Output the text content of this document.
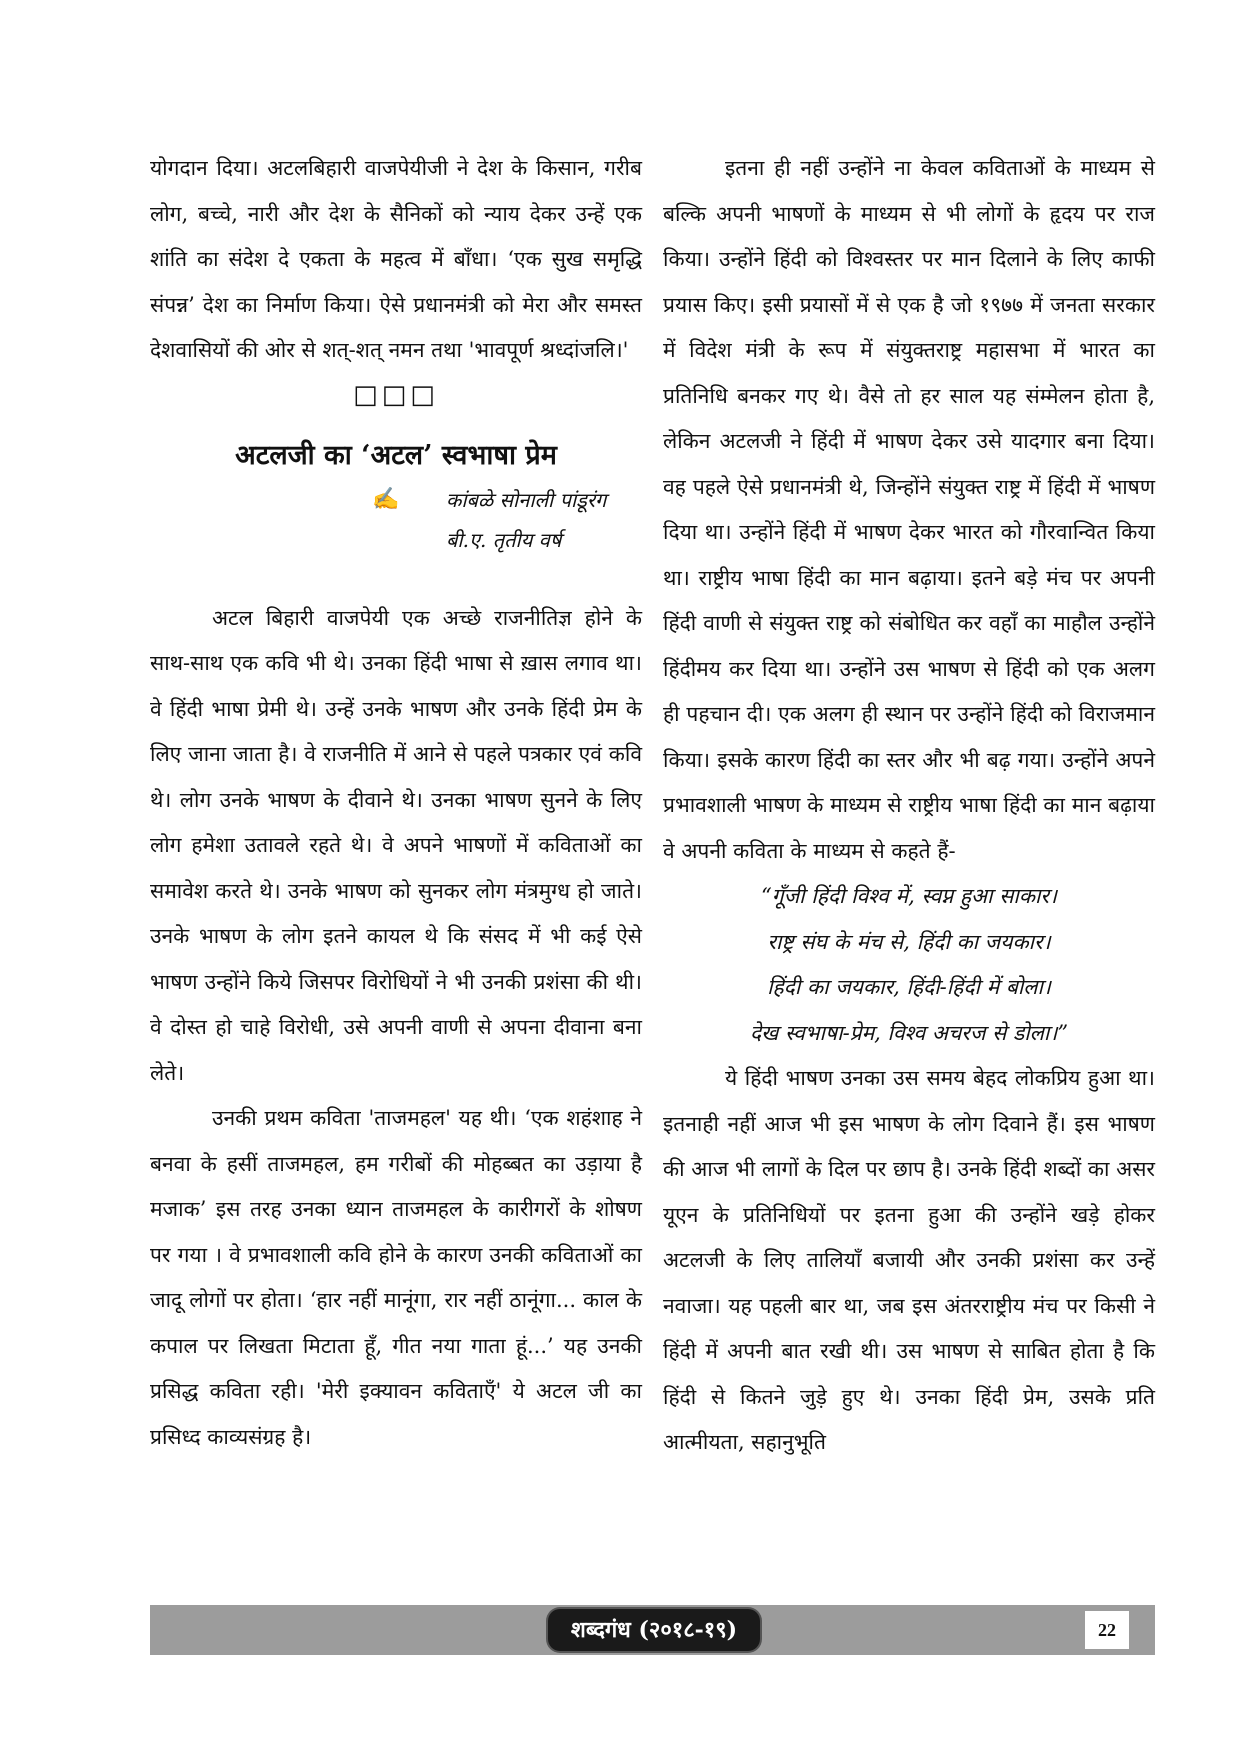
योगदान दिया। अटलबिहारी वाजपेयीजी ने देश के किसान, गरीब लोग, बच्चे, नारी और देश के सैनिकों को न्याय देकर उन्हें एक शांति का संदेश दे एकता के महत्व में बाँधा। ‘एक सुख समृद्धि संपन्न’ देश का निर्माण किया। ऐसे प्रधानमंत्री को मेरा और समस्त देशवासियों की ओर से शत्-शत् नमन तथा 'भावपूर्ण श्रध्दांजलि।'

□□□
अटलजी का ‘अटल’ स्वभाषा प्रेम
✍ कांबळे सोनाली पांडूरंग
बी.ए. तृतीय वर्ष

अटल बिहारी वाजपेयी एक अच्छे राजनीतिज्ञ होने के साथ-साथ एक कवि भी थे। उनका हिंदी भाषा से ख़ास लगाव था। वे हिंदी भाषा प्रेमी थे। उन्हें उनके भाषण और उनके हिंदी प्रेम के लिए जाना जाता है। वे राजनीति में आने से पहले पत्रकार एवं कवि थे। लोग उनके भाषण के दीवाने थे। उनका भाषण सुनने के लिए लोग हमेशा उतावले रहते थे। वे अपने भाषणों में कविताओं का समावेश करते थे। उनके भाषण को सुनकर लोग मंत्रमुग्ध हो जाते। उनके भाषण के लोग इतने कायल थे कि संसद में भी कई ऐसे भाषण उन्होंने किये जिसपर विरोधियों ने भी उनकी प्रशंसा की थी। वे दोस्त हो चाहे विरोधी, उसे अपनी वाणी से अपना दीवाना बना लेते।

उनकी प्रथम कविता 'ताजमहल' यह थी। ‘एक शहंशाह ने बनवा के हसीं ताजमहल, हम गरीबों की मोहब्बत का उड़ाया है मजाक’ इस तरह उनका ध्यान ताजमहल के कारीगरों के शोषण पर गया । वे प्रभावशाली कवि होने के कारण उनकी कविताओं का जादू लोगों पर होता। ‘हार नहीं मानूंगा, रार नहीं ठानूंगा... काल के कपाल पर लिखता मिटाता हूँ, गीत नया गाता हूं...’ यह उनकी प्रसिद्ध कविता रही। 'मेरी इक्यावन कविताएँ' ये अटल जी का प्रसिध्द काव्यसंग्रह है।

इतना ही नहीं उन्होंने ना केवल कविताओं के माध्यम से बल्कि अपनी भाषणों के माध्यम से भी लोगों के हृदय पर राज किया। उन्होंने हिंदी को विश्वस्तर पर मान दिलाने के लिए काफी प्रयास किए। इसी प्रयासों में से एक है जो १९७७ में जनता सरकार में विदेश मंत्री के रूप में संयुक्तराष्ट्र महासभा में भारत का प्रतिनिधि बनकर गए थे। वैसे तो हर साल यह संम्मेलन होता है, लेकिन अटलजी ने हिंदी में भाषण देकर उसे यादगार बना दिया। वह पहले ऐसे प्रधानमंत्री थे, जिन्होंने संयुक्त राष्ट्र में हिंदी में भाषण दिया था। उन्होंने हिंदी में भाषण देकर भारत को गौरवान्वित किया था। राष्ट्रीय भाषा हिंदी का मान बढ़ाया। इतने बड़े मंच पर अपनी हिंदी वाणी से संयुक्त राष्ट्र को संबोधित कर वहाँ का माहौल उन्होंने हिंदीमय कर दिया था। उन्होंने उस भाषण से हिंदी को एक अलग ही पहचान दी। एक अलग ही स्थान पर उन्होंने हिंदी को विराजमान किया। इसके कारण हिंदी का स्तर और भी बढ़ गया। उन्होंने अपने प्रभावशाली भाषण के माध्यम से राष्ट्रीय भाषा हिंदी का मान बढ़ाया वे अपनी कविता के माध्यम से कहते हैं-

“गूँजी हिंदी विश्व में, स्वप्न हुआ साकार।
राष्ट्र संघ के मंच से, हिंदी का जयकार।
हिंदी का जयकार, हिंदी-हिंदी में बोला।
देख स्वभाषा-प्रेम, विश्व अचरज से डोला।”

ये हिंदी भाषण उनका उस समय बेहद लोकप्रिय हुआ था। इतनाही नहीं आज भी इस भाषण के लोग दिवाने हैं। इस भाषण की आज भी लागों के दिल पर छाप है। उनके हिंदी शब्दों का असर यूएन के प्रतिनिधियों पर इतना हुआ की उन्होंने खड़े होकर अटलजी के लिए तालियाँ बजायी और उनकी प्रशंसा कर उन्हें नवाजा। यह पहली बार था, जब इस अंतरराष्ट्रीय मंच पर किसी ने हिंदी में अपनी बात रखी थी। उस भाषण से साबित होता है कि हिंदी से कितने जुड़े हुए थे। उनका हिंदी प्रेम, उसके प्रति आत्मीयता, सहानुभूति

शब्दगंध (२०१८-१९)	22
